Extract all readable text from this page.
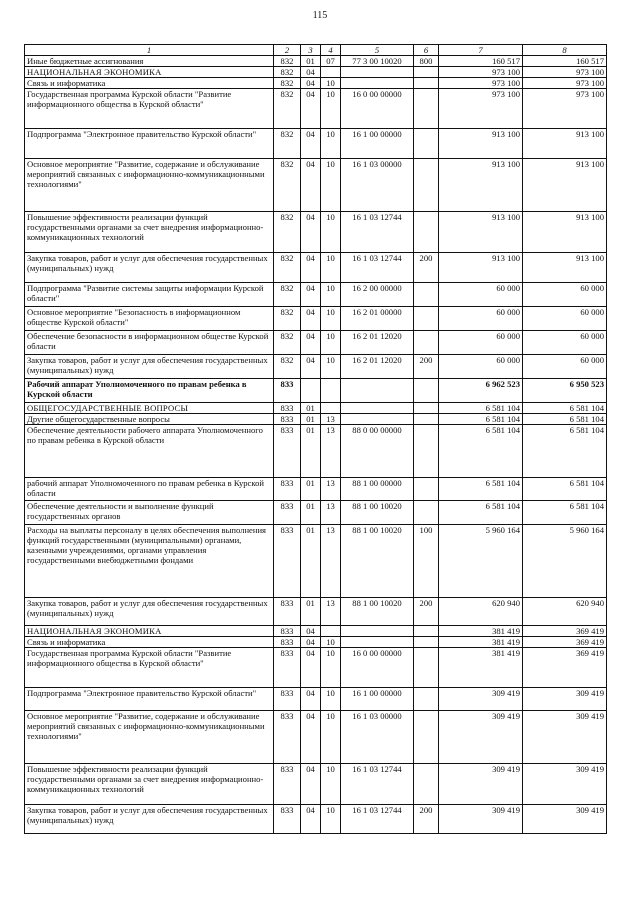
115
1	2	3	4	5	6	7	8
Иные бюджетные ассигнования	832	01	07	77 3 00 10020	800	160 517	160 517
НАЦИОНАЛЬНАЯ ЭКОНОМИКА	832	04				973 100	973 100
Связь и информатика	832	04	10			973 100	973 100
Государственная программа Курской области "Развитие информационного общества в Курской области"	832	04	10	16 0 00 00000		973 100	973 100
Подпрограмма "Электронное правительство Курской области"	832	04	10	16 1 00 00000		913 100	913 100
Основное мероприятие "Развитие, содержание и обслуживание мероприятий связанных с информационно-коммуникационными технологиями"	832	04	10	16 1 03 00000		913 100	913 100
Повышение эффективности реализации функций государственными органами за счет внедрения информационно-коммуникационных технологий	832	04	10	16 1 03 12744		913 100	913 100
Закупка товаров, работ и услуг для обеспечения государственных (муниципальных) нужд	832	04	10	16 1 03 12744	200	913 100	913 100
Подпрограмма "Развитие системы защиты информации Курской области"	832	04	10	16 2 00 00000		60 000	60 000
Основное мероприятие "Безопасность в информационном обществе Курской области"	832	04	10	16 2 01 00000		60 000	60 000
Обеспечение безопасности в информационном обществе Курской области	832	04	10	16 2 01 12020		60 000	60 000
Закупка товаров, работ и услуг для обеспечения государственных (муниципальных) нужд	832	04	10	16 2 01 12020	200	60 000	60 000
Рабочий аппарат Уполномоченного по правам ребенка в Курской области	833					6 962 523	6 950 523
ОБЩЕГОСУДАРСТВЕННЫЕ ВОПРОСЫ	833	01				6 581 104	6 581 104
Другие общегосударственные вопросы	833	01	13			6 581 104	6 581 104
Обеспечение деятельности рабочего аппарата Уполномоченного по правам ребенка в Курской области	833	01	13	88 0 00 00000		6 581 104	6 581 104
рабочий аппарат Уполномоченного по правам ребенка в Курской области	833	01	13	88 1 00 00000		6 581 104	6 581 104
Обеспечение деятельности и выполнение функций государственных органов	833	01	13	88 1 00 10020		6 581 104	6 581 104
Расходы на выплаты персоналу в целях обеспечения выполнения функций государственными (муниципальными) органами, казенными учреждениями, органами управления государственными внебюджетными фондами	833	01	13	88 1 00 10020	100	5 960 164	5 960 164
Закупка товаров, работ и услуг для обеспечения государственных (муниципальных) нужд	833	01	13	88 1 00 10020	200	620 940	620 940
НАЦИОНАЛЬНАЯ ЭКОНОМИКА	833	04				381 419	369 419
Связь и информатика	833	04	10			381 419	369 419
Государственная программа Курской области "Развитие информационного общества в Курской области"	833	04	10	16 0 00 00000		381 419	369 419
Подпрограмма "Электронное правительство Курской области"	833	04	10	16 1 00 00000		309 419	309 419
Основное мероприятие "Развитие, содержание и обслуживание мероприятий связанных с информационно-коммуникационными технологиями"	833	04	10	16 1 03 00000		309 419	309 419
Повышение эффективности реализации функций государственными органами за счет внедрения информационно-коммуникационных технологий	833	04	10	16 1 03 12744		309 419	309 419
Закупка товаров, работ и услуг для обеспечения государственных (муниципальных) нужд	833	04	10	16 1 03 12744	200	309 419	309 419
